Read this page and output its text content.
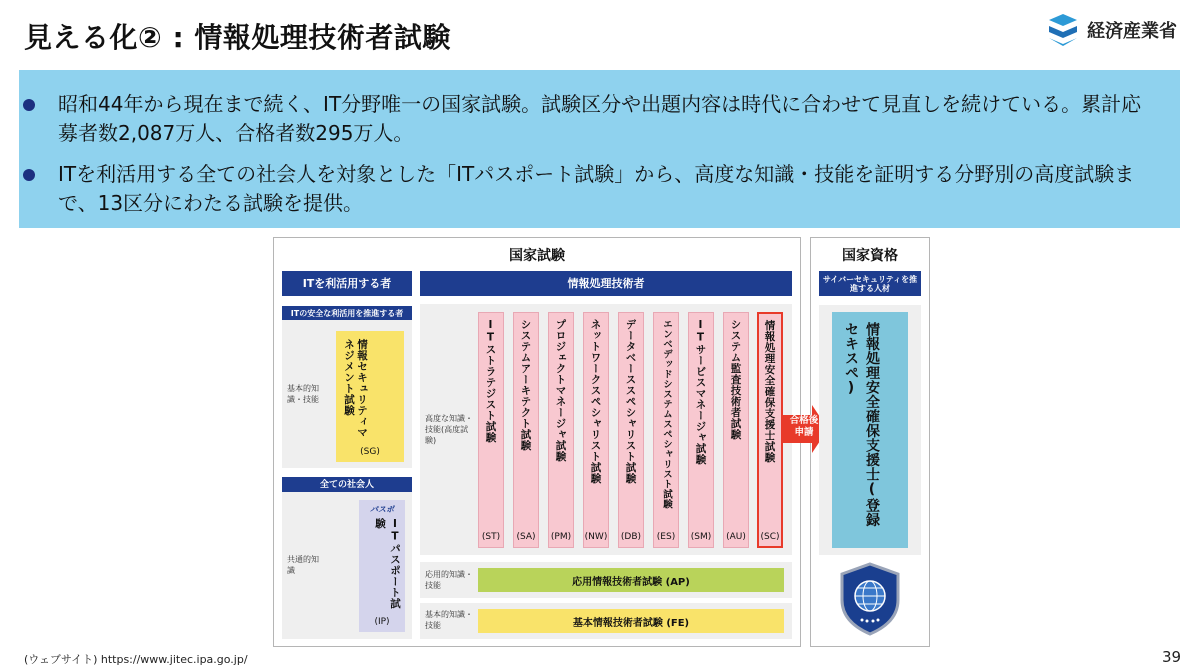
見える化② : 情報処理技術者試験	経済産業省
昭和44年から現在まで続く、IT分野唯一の国家試験。試験区分や出題内容は時代に合わせて見直しを続けている。累計応募者数2,087万人、合格者数295万人。
ITを利活用する全ての社会人を対象とした「ITパスポート試験」から、高度な知識・技能を証明する分野別の高度試験まで、13区分にわたる試験を提供。
国家試験	国家資格
ITを利活用する者
ITの安全な利活用を推進する者
基本的知識・技能	情報セキュリティマネジメント試験
(SG)
全ての社会人
共通的知識
パスポ
ITパスポート試験
(IP)
情報処理技術者
高度な知識・技能(高度試験)	ITストラテジスト試験 システムアーキテクト試験 プロジェクトマネージャ試験 ネットワークスペシャリスト試験 データベーススペシャリスト試験	エンベデッドシステムスペシャリスト試験 ITサービスマネージャ試験 システム監査技術者試験 情報処理安全確保支援士試験
(ST)	(SA)	(PM)	(NW)	(DB)	(ES)	(SM)	(AU)	(SC)
応用的知識・技能	応用情報技術者試験 (AP)
基本的知識・技能	基本情報技術者試験 (FE)
合格後申請
サイバーセキュリティを推進する人材
情報処理安全確保支援士(登録セキスペ)
(ウェブサイト) https://www.jitec.ipa.go.jp/	39
